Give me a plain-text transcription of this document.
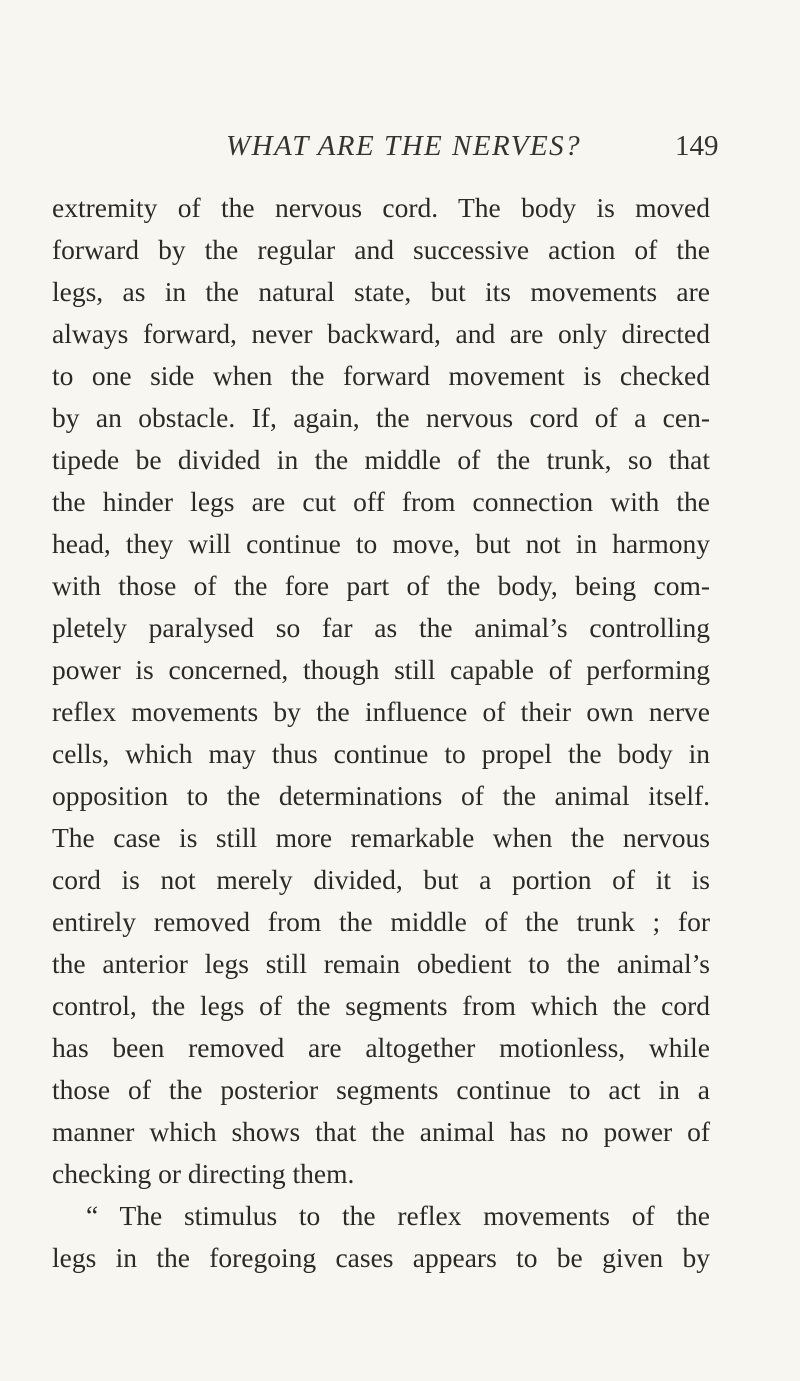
WHAT ARE THE NERVES?	149
extremity of the nervous cord. The body is moved
forward by the regular and successive action of the
legs, as in the natural state, but its movements are
always forward, never backward, and are only directed
to one side when the forward movement is checked
by an obstacle. If, again, the nervous cord of a cen-
tipede be divided in the middle of the trunk, so that
the hinder legs are cut off from connection with the
head, they will continue to move, but not in harmony
with those of the fore part of the body, being com-
pletely paralysed so far as the animal’s controlling
power is concerned, though still capable of performing
reflex movements by the influence of their own nerve
cells, which may thus continue to propel the body in
opposition to the determinations of the animal itself.
The case is still more remarkable when the nervous
cord is not merely divided, but a portion of it is
entirely removed from the middle of the trunk ; for
the anterior legs still remain obedient to the animal’s
control, the legs of the segments from which the cord
has been removed are altogether motionless, while
those of the posterior segments continue to act in a
manner which shows that the animal has no power of
checking or directing them.
“ The stimulus to the reflex movements of the
legs in the foregoing cases appears to be given by
